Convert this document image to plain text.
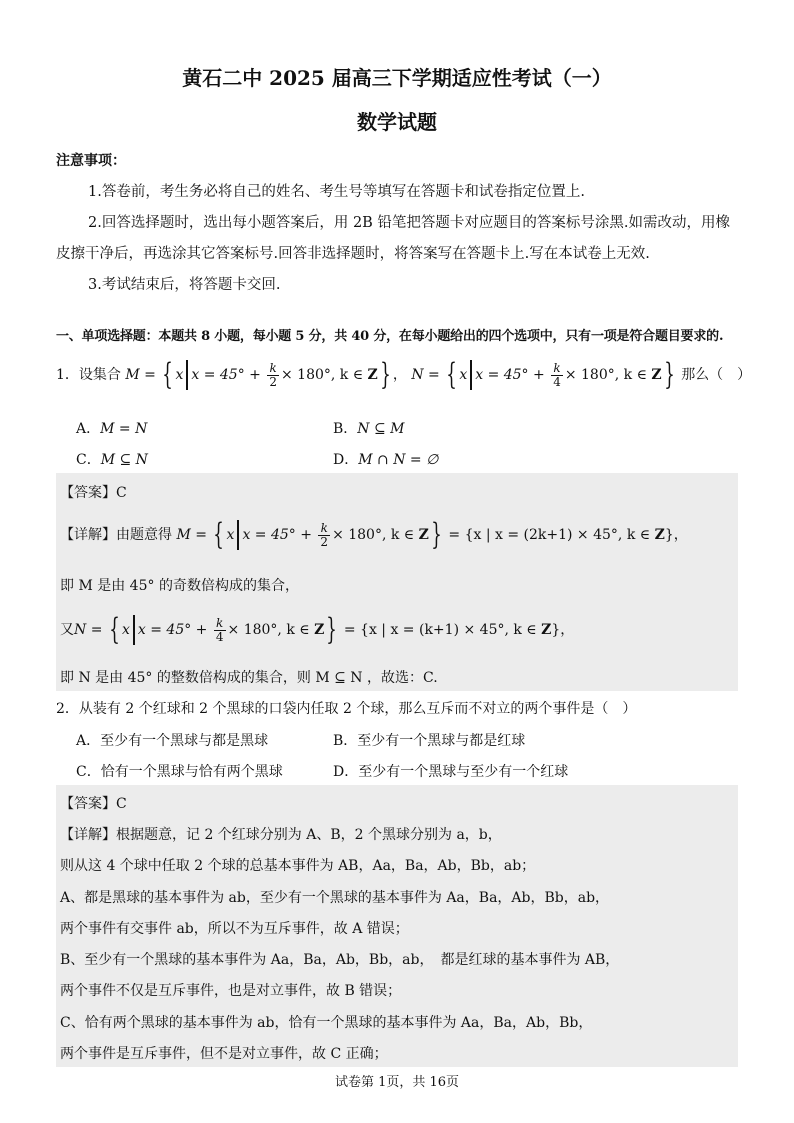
黄石二中 2025 届高三下学期适应性考试（一）
数学试题
注意事项：
1.答卷前，考生务必将自己的姓名、考生号等填写在答题卡和试卷指定位置上.
2.回答选择题时，选出每小题答案后，用 2B 铅笔把答题卡对应题目的答案标号涂黑.如需改动，用橡皮擦干净后，再选涂其它答案标号.回答非选择题时，将答案写在答题卡上.写在本试卷上无效.
3.考试结束后，将答题卡交回.
一、单项选择题：本题共 8 小题，每小题 5 分，共 40 分，在每小题给出的四个选项中，只有一项是符合题目要求的.
1．设集合 M = { x $x = 45^\circ + \frac{k}{2} \times 180^\circ$, k ∈ Z} ， N = { x $x = 45^\circ + \frac{k}{4} \times 180^\circ$, k ∈ Z} 那么（　）
A．M = N	B．N ⊆ M
C．M ⊆ N	D．M ∩ N = ∅
【答案】C
【详解】由题意得 M = { x $x = 45^\circ + \frac{k}{2} \times 180^\circ$, k ∈ Z} = {x | x = (2k+1) × 45°, k ∈ Z}，
即 M 是由 45° 的奇数倍构成的集合，
又N = { x $x = 45^\circ + \frac{k}{4} \times 180^\circ$, k ∈ Z} = {x | x = (k+1) × 45°, k ∈ Z}，
即 N 是由 45° 的整数倍构成的集合，则 M ⊆ N ，故选：C.
2．从装有 2 个红球和 2 个黑球的口袋内任取 2 个球，那么互斥而不对立的两个事件是（　）
A．至少有一个黑球与都是黑球	B．至少有一个黑球与都是红球
C．恰有一个黑球与恰有两个黑球	D．至少有一个黑球与至少有一个红球
【答案】C
【详解】根据题意，记 2 个红球分别为 A、B，2 个黑球分别为 a，b，
则从这 4 个球中任取 2 个球的总基本事件为 AB，Aa，Ba，Ab，Bb，ab；
A、都是黑球的基本事件为 ab，至少有一个黑球的基本事件为 Aa，Ba，Ab，Bb，ab，
两个事件有交事件 ab，所以不为互斥事件，故 A 错误；
B、至少有一个黑球的基本事件为 Aa，Ba，Ab，Bb，ab，　都是红球的基本事件为 AB，
两个事件不仅是互斥事件，也是对立事件，故 B 错误；
C、恰有两个黑球的基本事件为 ab，恰有一个黑球的基本事件为 Aa，Ba，Ab，Bb，
两个事件是互斥事件，但不是对立事件，故 C 正确；
试卷第 1页，共 16页
